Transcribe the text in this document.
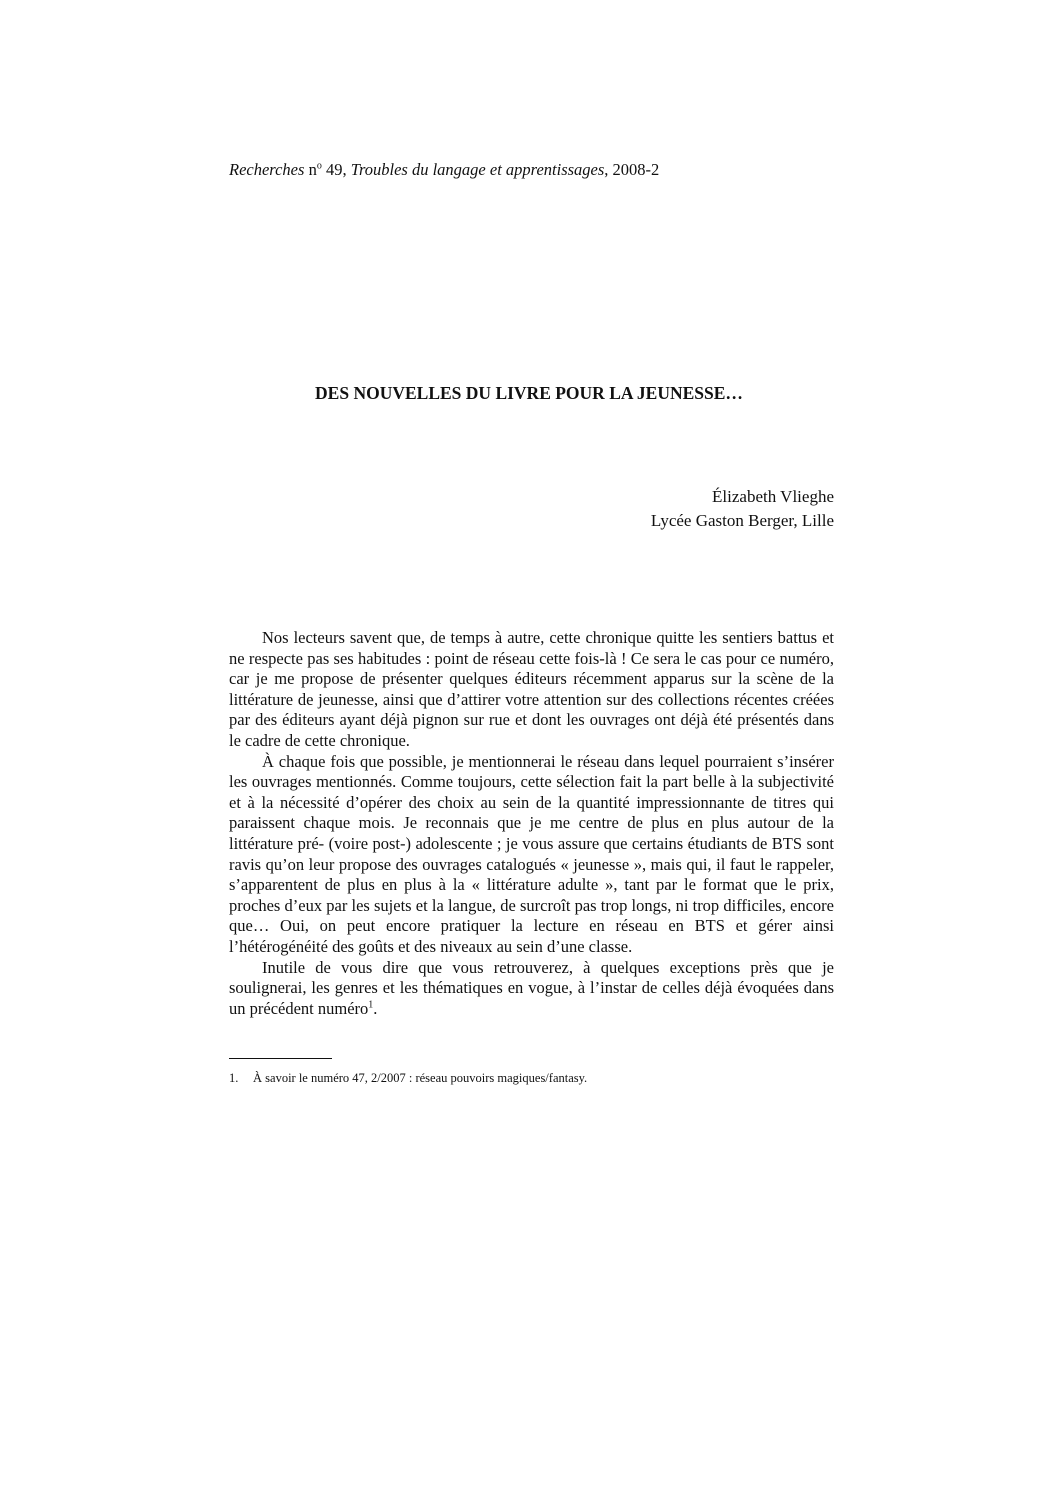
Recherches $n^o$ 49, Troubles du langage et apprentissages, 2008-2
DES NOUVELLES DU LIVRE POUR LA JEUNESSE…
Élizabeth Vlieghe
Lycée Gaston Berger, Lille

Nos lecteurs savent que, de temps à autre, cette chronique quitte les sentiers battus et ne respecte pas ses habitudes : point de réseau cette fois-là ! Ce sera le cas pour ce numéro, car je me propose de présenter quelques éditeurs récemment apparus sur la scène de la littérature de jeunesse, ainsi que d’attirer votre attention sur des collections récentes créées par des éditeurs ayant déjà pignon sur rue et dont les ouvrages ont déjà été présentés dans le cadre de cette chronique.

À chaque fois que possible, je mentionnerai le réseau dans lequel pourraient s’insérer les ouvrages mentionnés. Comme toujours, cette sélection fait la part belle à la subjectivité et à la nécessité d’opérer des choix au sein de la quantité impressionnante de titres qui paraissent chaque mois. Je reconnais que je me centre de plus en plus autour de la littérature pré- (voire post-) adolescente ; je vous assure que certains étudiants de BTS sont ravis qu’on leur propose des ouvrages catalogués « jeunesse », mais qui, il faut le rappeler, s’apparentent de plus en plus à la « littérature adulte », tant par le format que le prix, proches d’eux par les sujets et la langue, de surcroît pas trop longs, ni trop difficiles, encore que… Oui, on peut encore pratiquer la lecture en réseau en BTS et gérer ainsi l’hétérogénéité des goûts et des niveaux au sein d’une classe.

Inutile de vous dire que vous retrouverez, à quelques exceptions près que je soulignerai, les genres et les thématiques en vogue, à l’instar de celles déjà évoquées dans un précédent numéro$^1$.

1. À savoir le numéro 47, 2/2007 : réseau pouvoirs magiques/fantasy.
